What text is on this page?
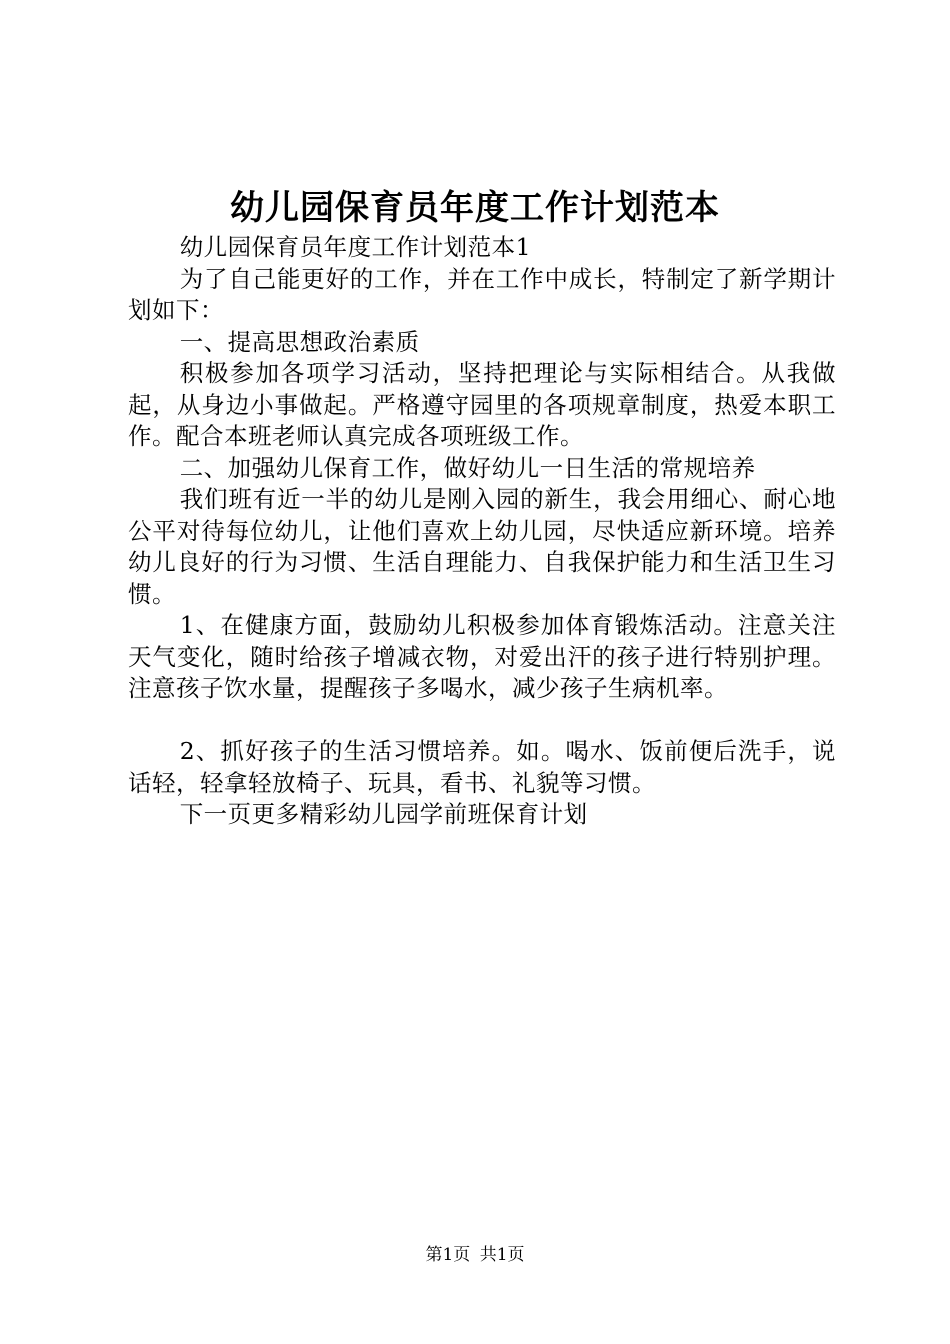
幼儿园保育员年度工作计划范本

幼儿园保育员年度工作计划范本1

为了自己能更好的工作，并在工作中成长，特制定了新学期计划如下：

一、提高思想政治素质

积极参加各项学习活动，坚持把理论与实际相结合。从我做起，从身边小事做起。严格遵守园里的各项规章制度，热爱本职工作。配合本班老师认真完成各项班级工作。

二、加强幼儿保育工作，做好幼儿一日生活的常规培养

我们班有近一半的幼儿是刚入园的新生，我会用细心、耐心地公平对待每位幼儿，让他们喜欢上幼儿园，尽快适应新环境。培养幼儿良好的行为习惯、生活自理能力、自我保护能力和生活卫生习惯。

1、在健康方面，鼓励幼儿积极参加体育锻炼活动。注意关注天气变化，随时给孩子增减衣物，对爱出汗的孩子进行特别护理。注意孩子饮水量，提醒孩子多喝水，减少孩子生病机率。

2、抓好孩子的生活习惯培养。如。喝水、饭前便后洗手，说话轻，轻拿轻放椅子、玩具，看书、礼貌等习惯。

下一页更多精彩幼儿园学前班保育计划

第1页 共1页
